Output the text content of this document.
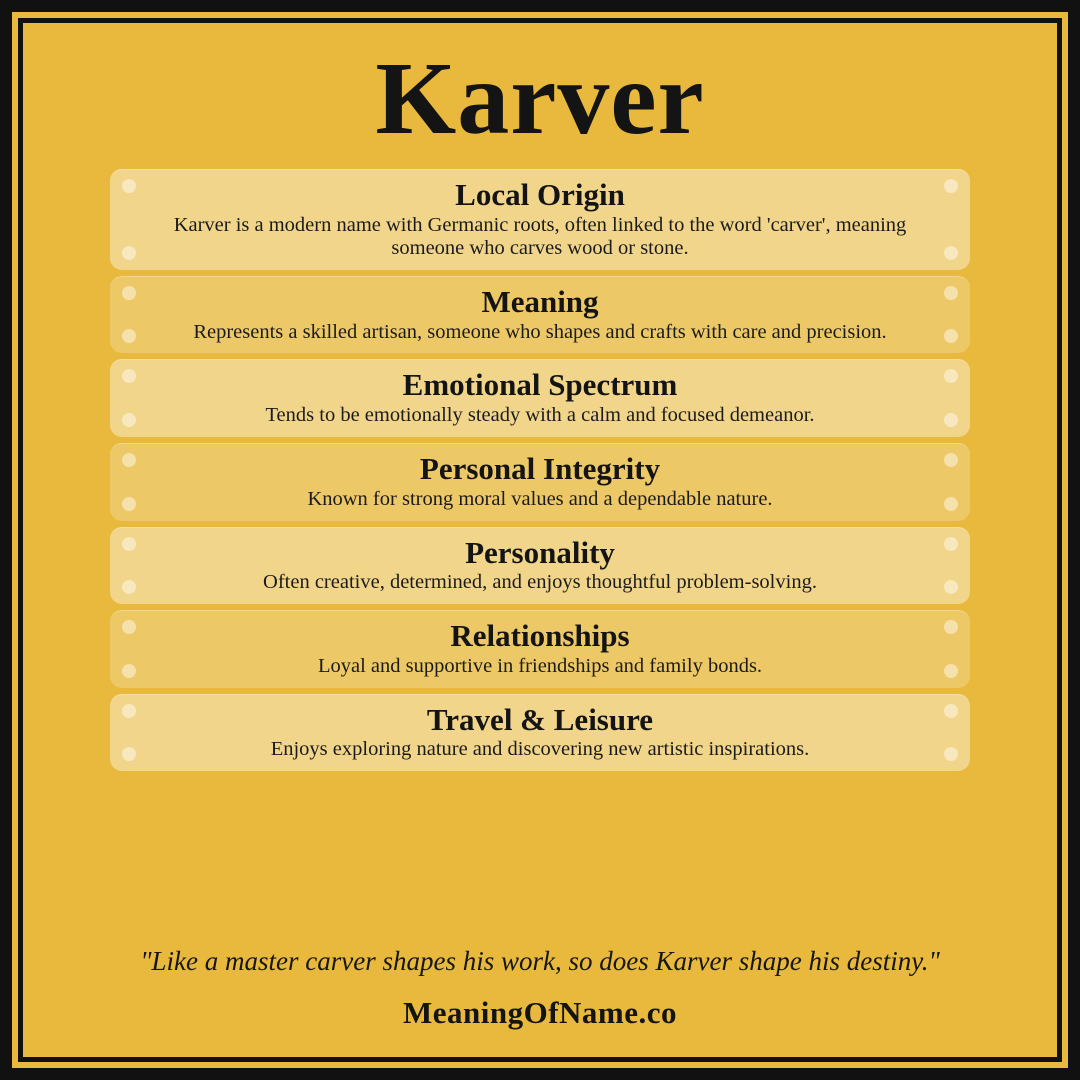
Karver
Local Origin
Karver is a modern name with Germanic roots, often linked to the word 'carver', meaning someone who carves wood or stone.
Meaning
Represents a skilled artisan, someone who shapes and crafts with care and precision.
Emotional Spectrum
Tends to be emotionally steady with a calm and focused demeanor.
Personal Integrity
Known for strong moral values and a dependable nature.
Personality
Often creative, determined, and enjoys thoughtful problem-solving.
Relationships
Loyal and supportive in friendships and family bonds.
Travel & Leisure
Enjoys exploring nature and discovering new artistic inspirations.
"Like a master carver shapes his work, so does Karver shape his destiny."
MeaningOfName.co
